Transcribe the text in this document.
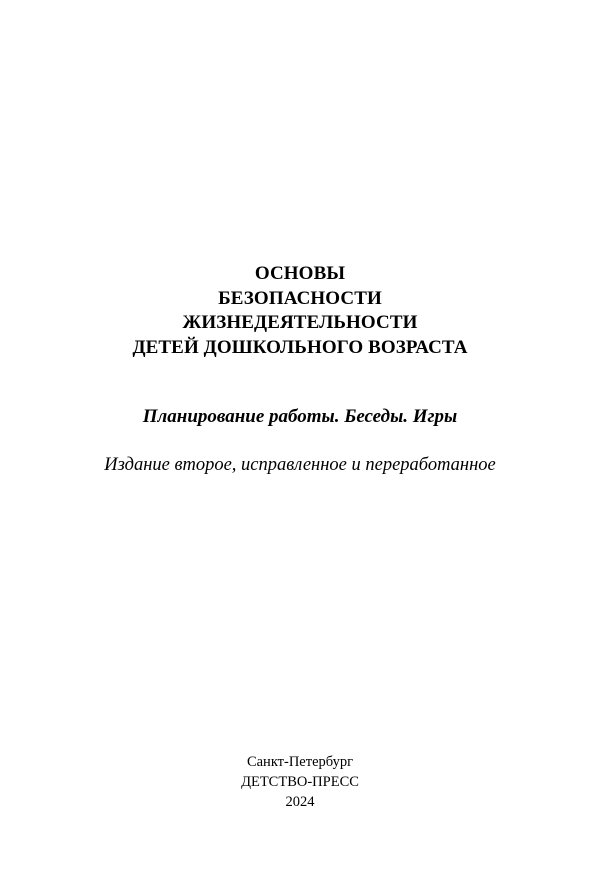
ОСНОВЫ
БЕЗОПАСНОСТИ
ЖИЗНЕДЕЯТЕЛЬНОСТИ
ДЕТЕЙ ДОШКОЛЬНОГО ВОЗРАСТА
Планирование работы. Беседы. Игры
Издание второе, исправленное и переработанное
Санкт-Петербург
ДЕТСТВО-ПРЕСС
2024
